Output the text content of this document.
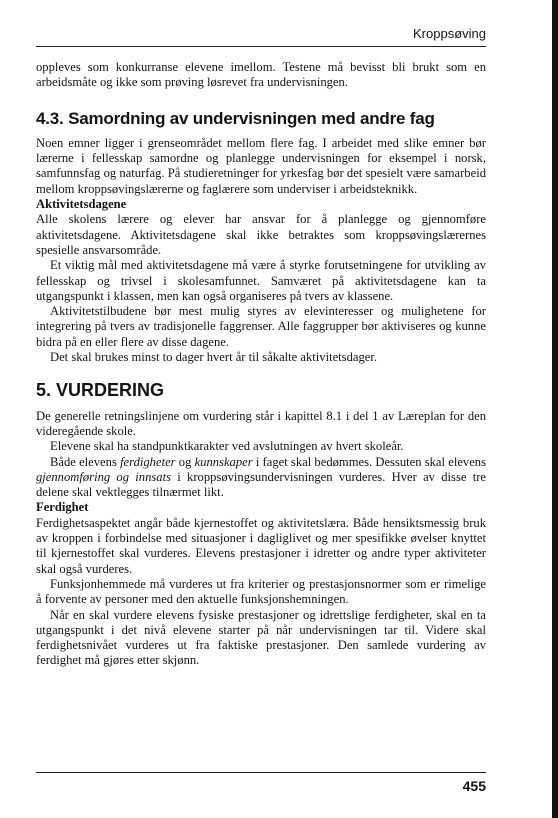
Kroppsøving

oppleves som konkurranse elevene imellom. Testene må bevisst bli brukt som en arbeidsmåte og ikke som prøving løsrevet fra undervisningen.

4.3. Samordning av undervisningen med andre fag

Noen emner ligger i grenseområdet mellom flere fag. I arbeidet med slike emner bør lærerne i fellesskap samordne og planlegge undervisningen for eksempel i norsk, samfunnsfag og naturfag. På studieretninger for yrkesfag bør det spesielt være samarbeid mellom kroppsøvingslærerne og faglærere som underviser i arbeidsteknikk.

Aktivitetsdagene

Alle skolens lærere og elever har ansvar for å planlegge og gjennomføre aktivitetsdagene. Aktivitetsdagene skal ikke betraktes som kroppsøvingslærernes spesielle ansvarsområde.

Et viktig mål med aktivitetsdagene må være å styrke forutsetningene for utvikling av fellesskap og trivsel i skolesamfunnet. Samværet på aktivitetsdagene kan ta utgangspunkt i klassen, men kan også organiseres på tvers av klassene.

Aktivitetstilbudene bør mest mulig styres av elevinteresser og mulighetene for integrering på tvers av tradisjonelle faggrenser. Alle faggrupper bør aktiviseres og kunne bidra på en eller flere av disse dagene.

Det skal brukes minst to dager hvert år til såkalte aktivitetsdager.

5. VURDERING

De generelle retningslinjene om vurdering står i kapittel 8.1 i del 1 av Læreplan for den videregående skole.

Elevene skal ha standpunktkarakter ved avslutningen av hvert skoleår.

Både elevens ferdigheter og kunnskaper i faget skal bedømmes. Dessuten skal elevens gjennomføring og innsats i kroppsøvingsundervisningen vurderes. Hver av disse tre delene skal vektlegges tilnærmet likt.

Ferdighet

Ferdighetsaspektet angår både kjernestoffet og aktivitetslæra. Både hensiktsmessig bruk av kroppen i forbindelse med situasjoner i dagliglivet og mer spesifikke øvelser knyttet til kjernestoffet skal vurderes. Elevens prestasjoner i idretter og andre typer aktiviteter skal også vurderes.

Funksjonhemmede må vurderes ut fra kriterier og prestasjonsnormer som er rimelige å forvente av personer med den aktuelle funksjonshemningen.

Når en skal vurdere elevens fysiske prestasjoner og idrettslige ferdigheter, skal en ta utgangspunkt i det nivå elevene starter på når undervisningen tar til. Videre skal ferdighetsnivået vurderes ut fra faktiske prestasjoner. Den samlede vurdering av ferdighet må gjøres etter skjønn.

455
